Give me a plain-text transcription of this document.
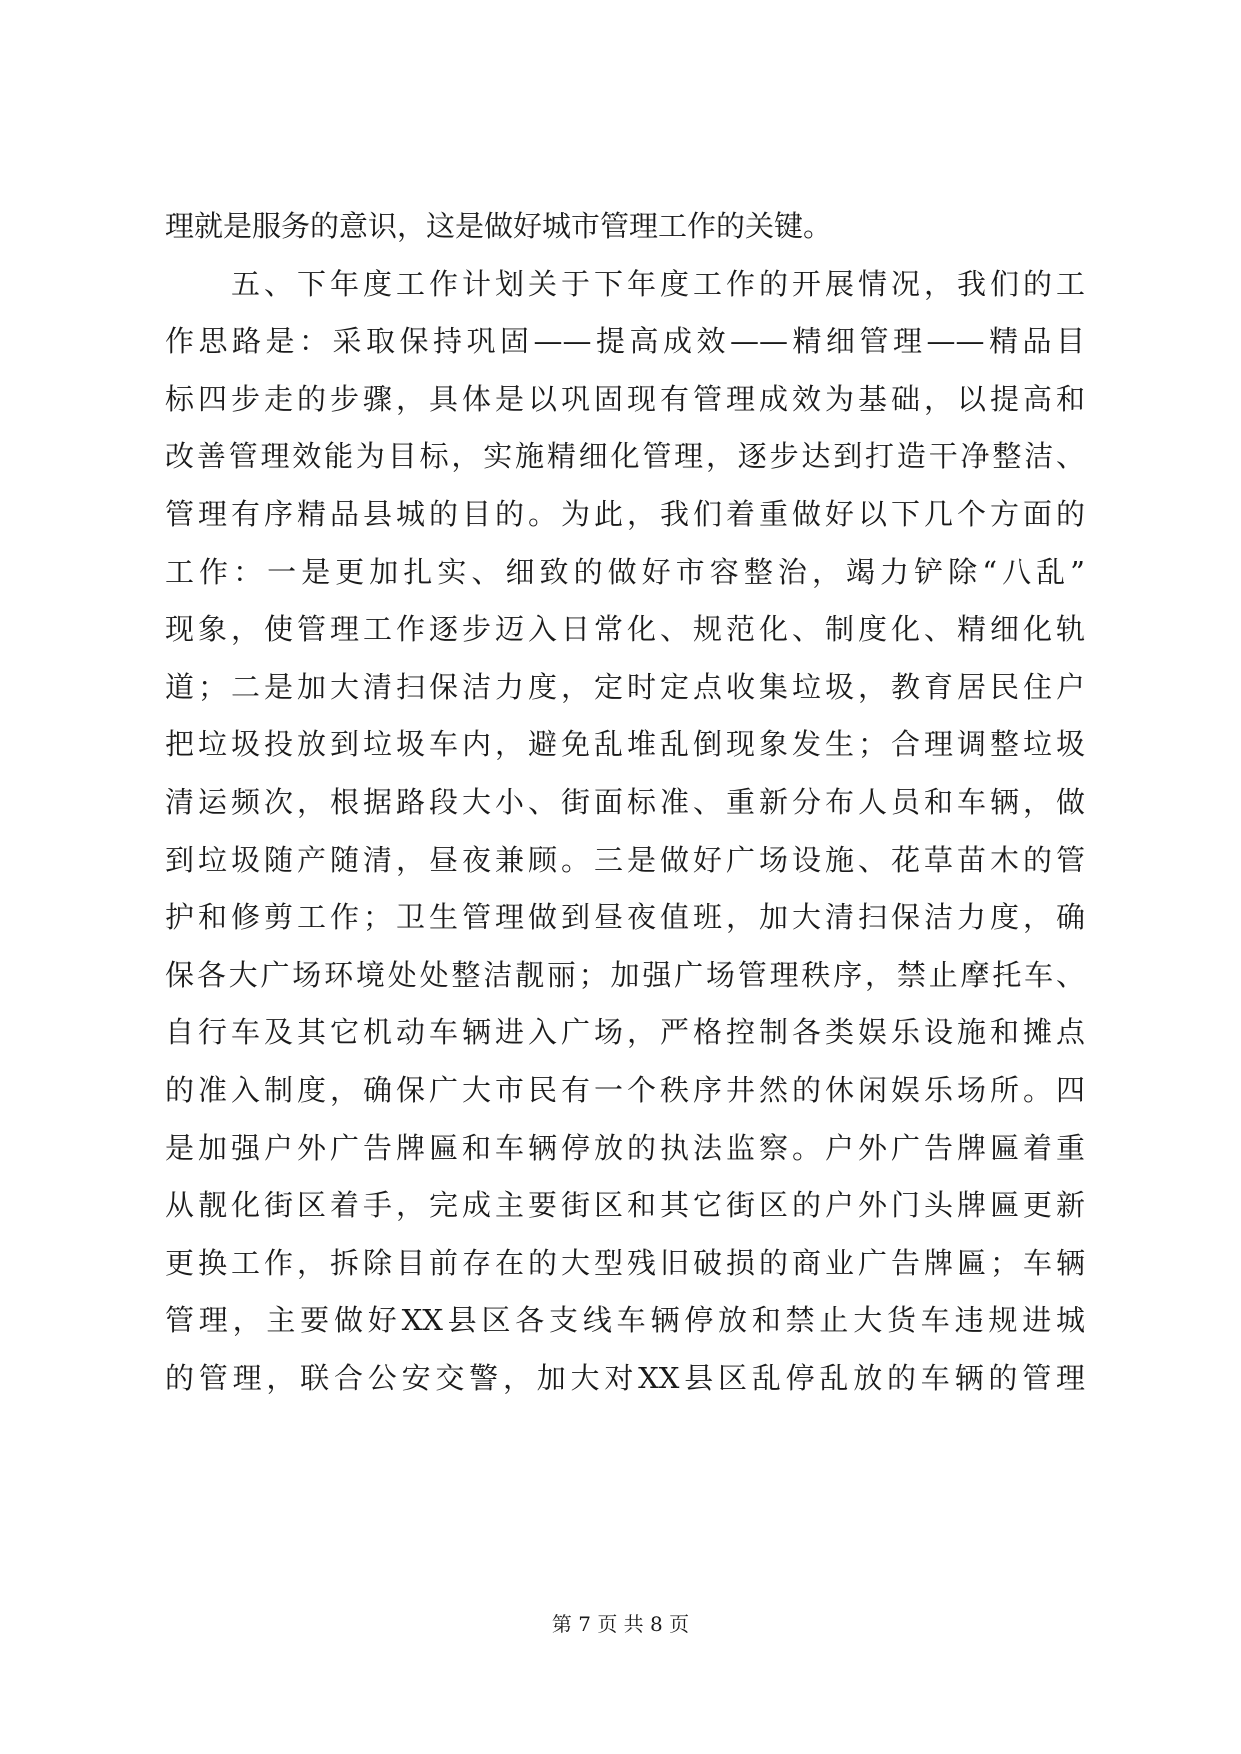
理就是服务的意识，这是做好城市管理工作的关键。
　　五、下年度工作计划关于下年度工作的开展情况，我们的工
作思路是：采取保持巩固——提高成效——精细管理——精品目
标四步走的步骤，具体是以巩固现有管理成效为基础，以提高和
改善管理效能为目标，实施精细化管理，逐步达到打造干净整洁、
管理有序精品县城的目的。为此，我们着重做好以下几个方面的
工作：一是更加扎实、细致的做好市容整治，竭力铲除“八乱”
现象，使管理工作逐步迈入日常化、规范化、制度化、精细化轨
道；二是加大清扫保洁力度，定时定点收集垃圾，教育居民住户
把垃圾投放到垃圾车内，避免乱堆乱倒现象发生；合理调整垃圾
清运频次，根据路段大小、街面标准、重新分布人员和车辆，做
到垃圾随产随清，昼夜兼顾。三是做好广场设施、花草苗木的管
护和修剪工作；卫生管理做到昼夜值班，加大清扫保洁力度，确
保各大广场环境处处整洁靓丽；加强广场管理秩序，禁止摩托车、
自行车及其它机动车辆进入广场，严格控制各类娱乐设施和摊点
的准入制度，确保广大市民有一个秩序井然的休闲娱乐场所。四
是加强户外广告牌匾和车辆停放的执法监察。户外广告牌匾着重
从靓化街区着手，完成主要街区和其它街区的户外门头牌匾更新
更换工作，拆除目前存在的大型残旧破损的商业广告牌匾；车辆
管理，主要做好XX县区各支线车辆停放和禁止大货车违规进城
的管理，联合公安交警，加大对XX县区乱停乱放的车辆的管理
第 7 页 共 8 页
